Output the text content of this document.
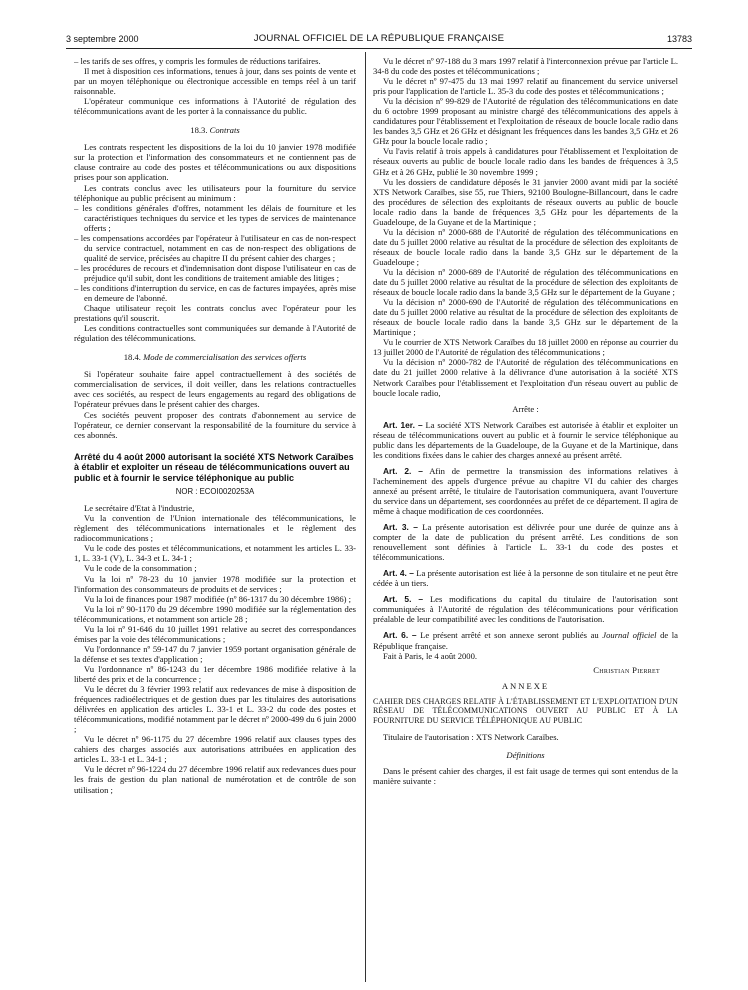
3 septembre 2000	JOURNAL OFFICIEL DE LA RÉPUBLIQUE FRANÇAISE	13783

– les tarifs de ses offres, y compris les formules de réductions tarifaires.

Il met à disposition ces informations, tenues à jour, dans ses points de vente et par un moyen téléphonique ou électronique accessible en temps réel à un tarif raisonnable.

L'opérateur communique ces informations à l'Autorité de régulation des télécommunications avant de les porter à la connaissance du public.

18.3. Contrats

Les contrats respectent les dispositions de la loi du 10 janvier 1978 modifiée sur la protection et l'information des consommateurs et ne contiennent pas de clause contraire au code des postes et télécommunications ou aux dispositions prises pour son application.

Les contrats conclus avec les utilisateurs pour la fourniture du service téléphonique au public précisent au minimum :

– les conditions générales d'offres, notamment les délais de fourniture et les caractéristiques techniques du service et les types de services de maintenance offerts ;

– les compensations accordées par l'opérateur à l'utilisateur en cas de non-respect du service contractuel, notamment en cas de non-respect des obligations de qualité de service, précisées au chapitre II du présent cahier des charges ;

– les procédures de recours et d'indemnisation dont dispose l'utilisateur en cas de préjudice qu'il subit, dont les conditions de traitement amiable des litiges ;

– les conditions d'interruption du service, en cas de factures impayées, après mise en demeure de l'abonné.

Chaque utilisateur reçoit les contrats conclus avec l'opérateur pour les prestations qu'il souscrit.

Les conditions contractuelles sont communiquées sur demande à l'Autorité de régulation des télécommunications.

18.4. Mode de commercialisation des services offerts

Si l'opérateur souhaite faire appel contractuellement à des sociétés de commercialisation de services, il doit veiller, dans les relations contractuelles avec ces sociétés, au respect de leurs engagements au regard des obligations de l'opérateur prévues dans le présent cahier des charges.

Ces sociétés peuvent proposer des contrats d'abonnement au service de l'opérateur, ce dernier conservant la responsabilité de la fourniture du service à ces abonnés.

Arrêté du 4 août 2000 autorisant la société XTS Network Caraïbes à établir et exploiter un réseau de télécommunications ouvert au public et à fournir le service téléphonique au public
NOR : ECOI0020253A

Le secrétaire d'Etat à l'industrie,

Vu la convention de l'Union internationale des télécommunications, le règlement des télécommunications internationales et le règlement des radiocommunications ;

Vu le code des postes et télécommunications, et notamment les articles L. 33-1, L. 33-1 (V), L. 34-3 et L. 34-1 ;

Vu le code de la consommation ;

Vu la loi nº 78-23 du 10 janvier 1978 modifiée sur la protection et l'information des consommateurs de produits et de services ;

Vu la loi de finances pour 1987 modifiée (nº 86-1317 du 30 décembre 1986) ;

Vu la loi nº 90-1170 du 29 décembre 1990 modifiée sur la réglementation des télécommunications, et notamment son article 28 ;

Vu la loi nº 91-646 du 10 juillet 1991 relative au secret des correspondances émises par la voie des télécommunications ;

Vu l'ordonnance nº 59-147 du 7 janvier 1959 portant organisation générale de la défense et ses textes d'application ;

Vu l'ordonnance nº 86-1243 du 1er décembre 1986 modifiée relative à la liberté des prix et de la concurrence ;

Vu le décret du 3 février 1993 relatif aux redevances de mise à disposition de fréquences radioélectriques et de gestion dues par les titulaires des autorisations délivrées en application des articles L. 33-1 et L. 33-2 du code des postes et télécommunications, modifié notamment par le décret nº 2000-499 du 6 juin 2000 ;

Vu le décret nº 96-1175 du 27 décembre 1996 relatif aux clauses types des cahiers des charges associés aux autorisations attribuées en application des articles L. 33-1 et L. 34-1 ;

Vu le décret nº 96-1224 du 27 décembre 1996 relatif aux redevances dues pour les frais de gestion du plan national de numérotation et de contrôle de son utilisation ;

Vu le décret nº 97-188 du 3 mars 1997 relatif à l'interconnexion prévue par l'article L. 34-8 du code des postes et télécommunications ;

Vu le décret nº 97-475 du 13 mai 1997 relatif au financement du service universel pris pour l'application de l'article L. 35-3 du code des postes et télécommunications ;

Vu la décision nº 99-829 de l'Autorité de régulation des télécommunications en date du 6 octobre 1999 proposant au ministre chargé des télécommunications des appels à candidatures pour l'établissement et l'exploitation de réseaux de boucle locale radio dans les bandes 3,5 GHz et 26 GHz et désignant les fréquences dans les bandes 3,5 GHz et 26 GHz pour la boucle locale radio ;

Vu l'avis relatif à trois appels à candidatures pour l'établissement et l'exploitation de réseaux ouverts au public de boucle locale radio dans les bandes de fréquences à 3,5 GHz et à 26 GHz, publié le 30 novembre 1999 ;

Vu les dossiers de candidature déposés le 31 janvier 2000 avant midi par la société XTS Network Caraïbes, sise 55, rue Thiers, 92100 Boulogne-Billancourt, dans le cadre des procédures de sélection des exploitants de réseaux ouverts au public de boucle locale radio dans la bande de fréquences 3,5 GHz pour les départements de la Guadeloupe, de la Guyane et de la Martinique ;

Vu la décision nº 2000-688 de l'Autorité de régulation des télécommunications en date du 5 juillet 2000 relative au résultat de la procédure de sélection des exploitants de réseaux de boucle locale radio dans la bande 3,5 GHz sur le département de la Guadeloupe ;

Vu la décision nº 2000-689 de l'Autorité de régulation des télécommunications en date du 5 juillet 2000 relative au résultat de la procédure de sélection des exploitants de réseaux de boucle locale radio dans la bande 3,5 GHz sur le département de la Guyane ;

Vu la décision nº 2000-690 de l'Autorité de régulation des télécommunications en date du 5 juillet 2000 relative au résultat de la procédure de sélection des exploitants de réseaux de boucle locale radio dans la bande 3,5 GHz sur le département de la Martinique ;

Vu le courrier de XTS Network Caraïbes du 18 juillet 2000 en réponse au courrier du 13 juillet 2000 de l'Autorité de régulation des télécommunications ;

Vu la décision nº 2000-782 de l'Autorité de régulation des télécommunications en date du 21 juillet 2000 relative à la délivrance d'une autorisation à la société XTS Network Caraïbes pour l'établissement et l'exploitation d'un réseau ouvert au public de boucle locale radio,

Arrête :

Art. 1er. – La société XTS Network Caraïbes est autorisée à établir et exploiter un réseau de télécommunications ouvert au public et à fournir le service téléphonique au public dans les départements de la Guadeloupe, de la Guyane et de la Martinique, dans les conditions fixées dans le cahier des charges annexé au présent arrêté.

Art. 2. – Afin de permettre la transmission des informations relatives à l'acheminement des appels d'urgence prévue au chapitre VI du cahier des charges annexé au présent arrêté, le titulaire de l'autorisation communiquera, avant l'ouverture du service dans un département, ses coordonnées au préfet de ce département. Il agira de même à chaque modification de ces coordonnées.

Art. 3. – La présente autorisation est délivrée pour une durée de quinze ans à compter de la date de publication du présent arrêté. Les conditions de son renouvellement sont définies à l'article L. 33-1 du code des postes et télécommunications.

Art. 4. – La présente autorisation est liée à la personne de son titulaire et ne peut être cédée à un tiers.

Art. 5. – Les modifications du capital du titulaire de l'autorisation sont communiquées à l'Autorité de régulation des télécommunications pour vérification préalable de leur compatibilité avec les conditions de l'autorisation.

Art. 6. – Le présent arrêté et son annexe seront publiés au Journal officiel de la République française.

Fait à Paris, le 4 août 2000.

Christian Pierret
ANNEXE

CAHIER DES CHARGES RELATIF À L'ÉTABLISSEMENT ET L'EXPLOITATION D'UN RÉSEAU DE TÉLÉCOMMUNICATIONS OUVERT AU PUBLIC ET À LA FOURNITURE DU SERVICE TÉLÉPHONIQUE AU PUBLIC

Titulaire de l'autorisation : XTS Network Caraïbes.

Définitions

Dans le présent cahier des charges, il est fait usage de termes qui sont entendus de la manière suivante :
